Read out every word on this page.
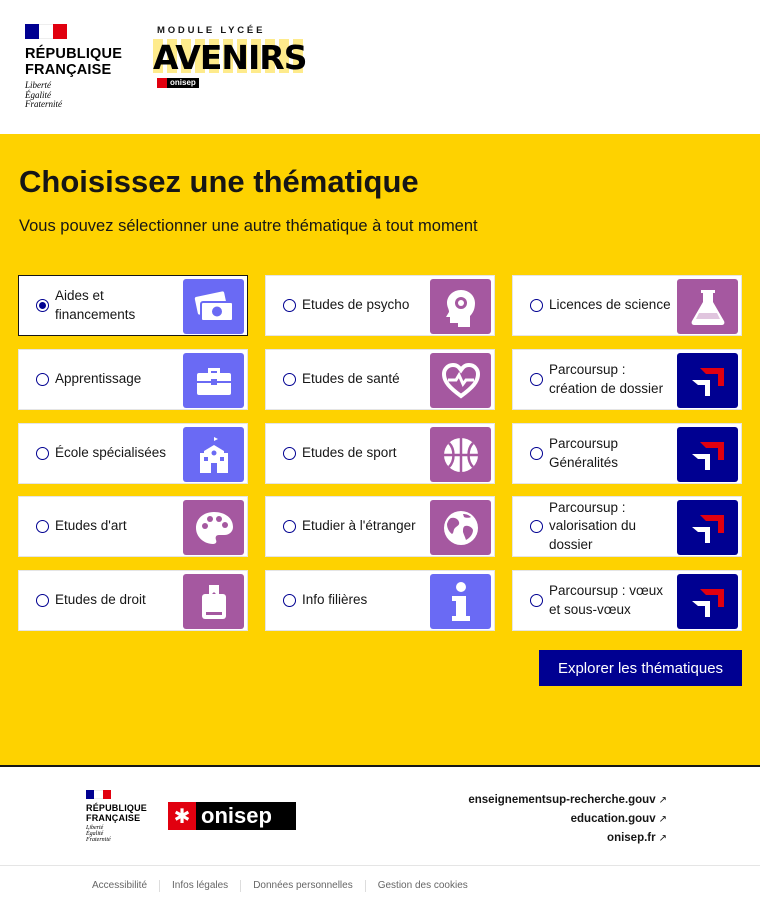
RÉPUBLIQUE
FRANÇAISE
Liberté
Égalité
Fraternité
MODULE LYCÉE
AVENIRS
onisep
Choisissez une thématique

Vous pouvez sélectionner une autre thématique à tout moment

Aides et financements
Etudes de psycho	Licences de science
Apprentissage	Etudes de santé
Parcoursup : création de dossier
École spécialisées	Etudes de sport
Parcoursup Généralités
Etudes d'art	Etudier à l'étranger
Parcoursup : valorisation du dossier
Etudes de droit	Info filières
Parcoursup : vœux et sous-vœux
Explorer les thématiques
RÉPUBLIQUE
FRANÇAISE
Liberté
Égalité
Fraternité
✱ onisep
enseignementsup-recherche.gouv ↗
education.gouv ↗
onisep.fr ↗
Accessibilité	Infos légales	Données personnelles	Gestion des cookies
